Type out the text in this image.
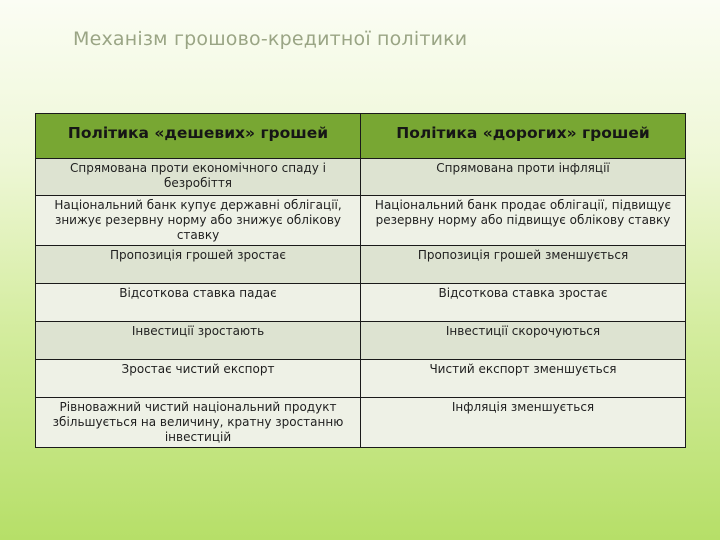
Механізм грошово-кредитної політики
Політика «дешевих» грошей	Політика «дорогих» грошей
Спрямована проти економічного спаду і безробіття	Спрямована проти інфляції
Національний банк купує державні облігації, знижує резервну норму або знижує облікову ставку	Національний банк продає облігації, підвищує резервну норму або підвищує облікову ставку
Пропозиція грошей зростає	Пропозиція грошей зменшується
Відсоткова ставка падає	Відсоткова ставка зростає
Інвестиції зростають	Інвестиції скорочуються
Зростає чистий експорт	Чистий експорт зменшується
Рівноважний чистий національний продукт збільшується на величину, кратну зростанню інвестицій	Інфляція зменшується
